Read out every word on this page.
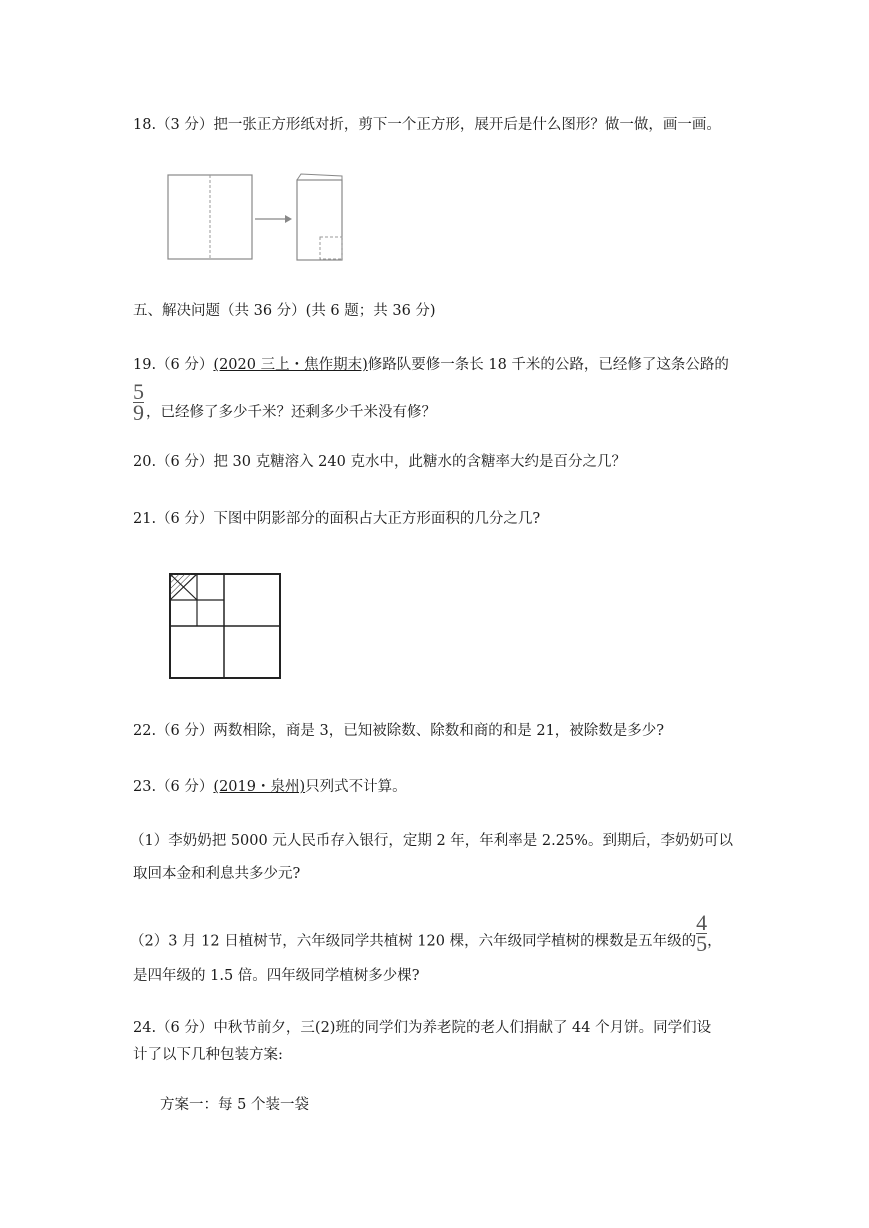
18.（3 分）把一张正方形纸对折，剪下一个正方形，展开后是什么图形？做一做，画一画。
五、解决问题（共 36 分）(共 6 题；共 36 分)
19.（6 分）(2020 三上・焦作期末)修路队要修一条长 18 千米的公路，已经修了这条公路的
$\frac{5}{9}$ ，已经修了多少千米？还剩多少千米没有修？
20.（6 分）把 30 克糖溶入 240 克水中，此糖水的含糖率大约是百分之几？
21.（6 分）下图中阴影部分的面积占大正方形面积的几分之几?
22.（6 分）两数相除，商是 3，已知被除数、除数和商的和是 21，被除数是多少?
23.（6 分）(2019・泉州)只列式不计算。
（1）李奶奶把 5000 元人民币存入银行，定期 2 年，年利率是 2.25%。到期后，李奶奶可以
取回本金和利息共多少元?
（2）3 月 12 日植树节，六年级同学共植树 120 棵，六年级同学植树的棵数是五年级的 $\frac{4}{5}$ ，
是四年级的 1.5 倍。四年级同学植树多少棵?
24.（6 分）中秋节前夕，三(2)班的同学们为养老院的老人们捐献了 44 个月饼。同学们设
计了以下几种包装方案:
方案一：每 5 个装一袋
